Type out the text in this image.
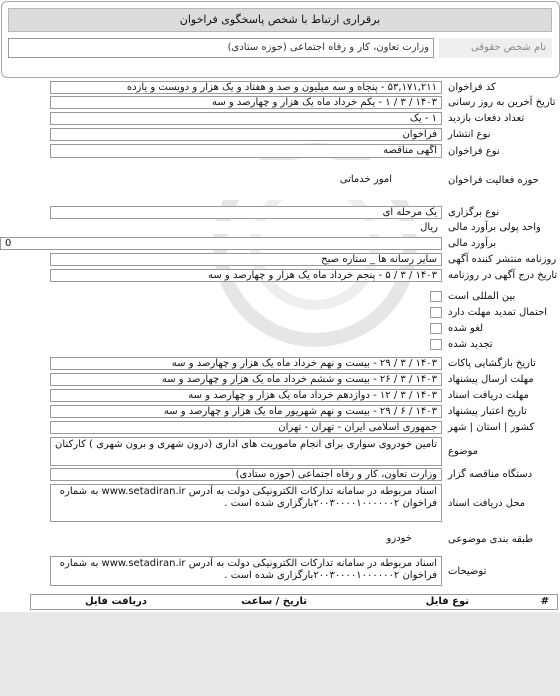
برقراری ارتباط با شخص پاسخگوی فراخوان
نام شخص حقوقی
وزارت تعاون، کار و رفاه اجتماعی (حوزه ستادی)
کد فراخوان
۵۳,۱۷۱,۲۱۱ - پنجاه و سه میلیون و صد و هفتاد و یک هزار و دویست و یازده
تاریخ آخرین به روز رسانی
۱۴۰۳ / ۳ / ۱ - یکم خرداد ماه یک هزار و چهارصد و سه
تعداد دفعات بازدید
۱ - یک
نوع انتشار
فراخوان
نوع فراخوان
آگهی مناقصه
حوزه فعالیت فراخوان
امور خدماتی
نوع برگزاری
یک مرحله ای
واحد پولی برآورد مالی
ریال
برآورد مالی
0
روزنامه منتشر کننده آگهی
سایر رسانه ها _ ستاره صبح
تاریخ درج آگهی در روزنامه
۱۴۰۳ / ۳ / ۵ - پنجم خرداد ماه یک هزار و چهارصد و سه
بین المللی است
احتمال تمدید مهلت دارد
لغو شده
تجدید شده
تاریخ بازگشایی پاکات
۱۴۰۳ / ۳ / ۲۹ - بیست و نهم خرداد ماه یک هزار و چهارصد و سه
مهلت ارسال پیشنهاد
۱۴۰۳ / ۳ / ۲۶ - بیست و ششم خرداد ماه یک هزار و چهارصد و سه
مهلت دریافت اسناد
۱۴۰۳ / ۳ / ۱۲ - دوازدهم خرداد ماه یک هزار و چهارصد و سه
تاریخ اعتبار پیشنهاد
۱۴۰۳ / ۶ / ۲۹ - بیست و نهم شهریور ماه یک هزار و چهارصد و سه
کشور | استان | شهر
جمهوری اسلامی ایران - تهران - تهران
موضوع
تامین خودروی سواری برای انجام ماموریت های اداری (درون شهری و برون شهری ) کارکنان
دستگاه مناقصه گزار
وزارت تعاون، کار و رفاه اجتماعی (حوزه ستادی)
محل دریافت اسناد
اسناد مربوطه در سامانه تدارکات الکترونیکی دولت به آدرس www.setadiran.ir به شماره فراخوان ۲۰۰۳۰۰۰۰۱۰۰۰۰۰۰۲بارگزاری شده است .
طبقه بندی موضوعی
خودرو
توضیحات
اسناد مربوطه در سامانه تدارکات الکترونیکی دولت به آدرس www.setadiran.ir به شماره فراخوان ۲۰۰۳۰۰۰۰۱۰۰۰۰۰۰۲بارگزاری شده است .
#
نوع فایل
تاریخ / ساعت
دریافت فایل
